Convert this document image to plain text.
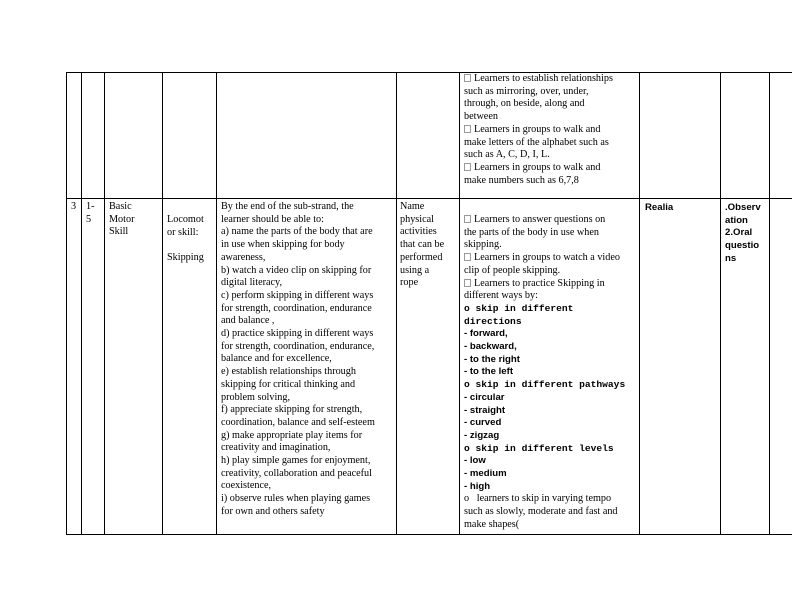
Learners to establish relationships
such as mirroring, over, under,
through, on beside, along and
between
Learners in groups to walk and
make letters of the alphabet such as
such as A, C, D, I, L.
Learners in groups to walk and
make numbers such as 6,7,8
3 1-
5
Basic
Motor
Skill
Locomot
or skill:
Skipping
By the end of the sub-strand, the
learner should be able to:
a) name the parts of the body that are
in use when skipping for body
awareness,
b) watch a video clip on skipping for
digital literacy,
c) perform skipping in different ways
for strength, coordination, endurance
and balance ,
d) practice skipping in different ways
for strength, coordination, endurance,
balance and for excellence,
e) establish relationships through
skipping for critical thinking and
problem solving,
f) appreciate skipping for strength,
coordination, balance and self-esteem
g) make appropriate play items for
creativity and imagination,
h) play simple games for enjoyment,
creativity, collaboration and peaceful
coexistence,
i) observe rules when playing games
for own and others safety
Name
physical
activities
that can be
performed
using a
rope
Learners to answer questions on
the parts of the body in use when
skipping.
Learners in groups to watch a video
clip of people skipping.
Learners to practice Skipping in
different ways by:
o skip in different
directions
- forward,
- backward,
- to the right
- to the left
o skip in different pathways
- circular
- straight
- curved
- zigzag
o skip in different levels
- low
- medium
- high
o   learners to skip in varying tempo
such as slowly, moderate and fast and
make shapes(
Realia	.Observ
ation
2.Oral
questio
ns
